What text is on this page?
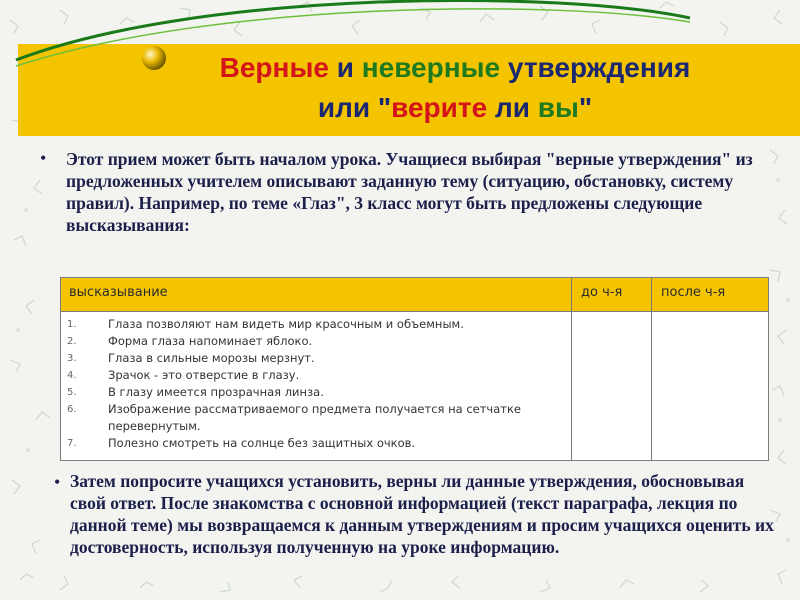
Верные и неверные утверждения
или "верите ли вы"
• Этот прием может быть началом урока. Учащиеся выбирая "верные утверждения" из предложенных учителем описывают заданную тему (ситуацию, обстановку, систему правил). Например, по теме «Глаз", 3 класс могут быть предложены следующие высказывания:
высказывание	до ч-я	после ч-я
1.	Глаза позволяют нам видеть мир красочным и объемным.
2.	Форма глаза напоминает яблоко.
3.	Глаза в сильные морозы мерзнут.
4.	Зрачок - это отверстие в глазу.
5.	В глазу имеется прозрачная линза.
6.	Изображение рассматриваемого предмета получается на сетчатке перевернутым.
7.	Полезно смотреть на солнце без защитных очков.
• Затем попросите учащихся установить, верны ли данные утверждения, обосновывая свой ответ. После знакомства с основной информацией (текст параграфа, лекция по данной теме) мы возвращаемся к данным утверждениям и просим учащихся оценить их достоверность, используя полученную на уроке информацию.
